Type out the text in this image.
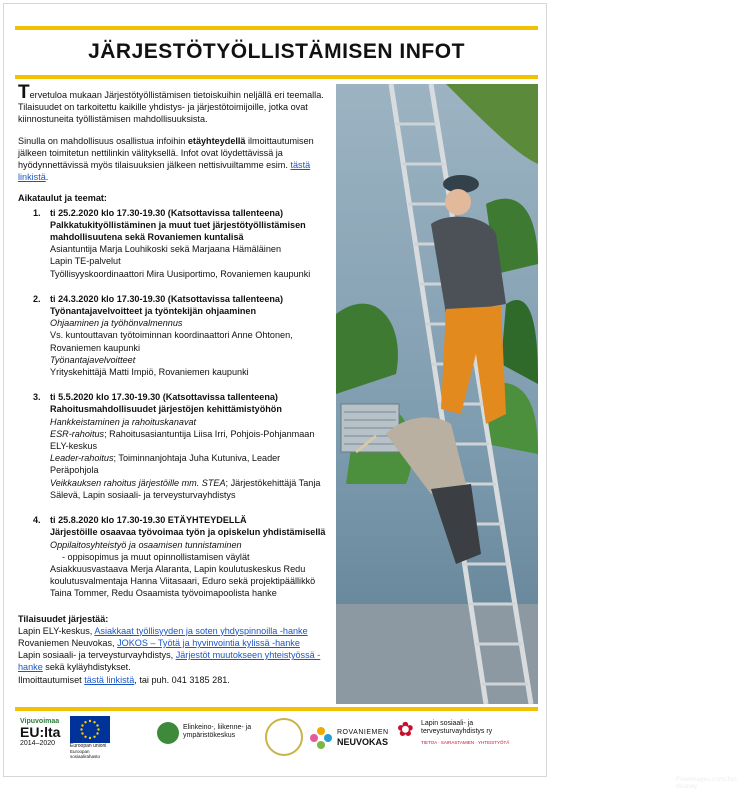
JÄRJESTÖTYÖLLISTÄMISEN INFOT

Tervetuloa mukaan Järjestötyöllistämisen tietoiskuihin neljällä eri teemalla. Tilaisuudet on tarkoitettu kaikille yhdistys- ja järjestötoimijoille, jotka ovat kiinnostuneita työllistämisen mahdollisuuksista.

Sinulla on mahdollisuus osallistua infoihin etäyhteydellä ilmoittautumisen jälkeen toimitetun nettilinkin välityksellä. Infot ovat löydettävissä ja hyödynnettävissä myös tilaisuuksien jälkeen nettisivuiltamme esim. tästä linkistä.

Aikataulut ja teemat:
1. ti 25.2.2020 klo 17.30-19.30 (Katsottavissa tallenteena)
Palkkatukityöllistäminen ja muut tuet järjestötyöllistämisen mahdollisuutena sekä Rovaniemen kuntalisä
Asiantuntija Marja Louhikoski sekä Marjaana Hämäläinen
Lapin TE-palvelut
Työllisyyskoordinaattori Mira Uusiportimo, Rovaniemen kaupunki
2. ti 24.3.2020 klo 17.30-19.30 (Katsottavissa tallenteena)
Työnantajavelvoitteet ja työntekijän ohjaaminen
Ohjaaminen ja työhönvalmennus
Vs. kuntouttavan työtoiminnan koordinaattori Anne Ohtonen, Rovaniemen kaupunki
Työnantajavelvoitteet
Yrityskehittäjä Matti Impiö, Rovaniemen kaupunki
3. ti 5.5.2020 klo 17.30-19.30 (Katsottavissa tallenteena)
Rahoitusmahdollisuudet järjestöjen kehittämistyöhön
Hankkeistaminen ja rahoituskanavat
ESR-rahoitus; Rahoitusasiantuntija Liisa Irri, Pohjois-Pohjanmaan ELY-keskus
Leader-rahoitus; Toiminnanjohtaja Juha Kutuniva, Leader Peräpohjola
Veikkauksen rahoitus järjestöille mm. STEA; Järjestökehittäjä Tanja Sälevä, Lapin sosiaali- ja terveysturvayhdistys
4. ti 25.8.2020 klo 17.30-19.30 ETÄYHTEYDELLÄ
Järjestöille osaavaa työvoimaa työn ja opiskelun yhdistämisellä
Oppilaitosyhteistyö ja osaamisen tunnistaminen
- oppisopimus ja muut opinnollistamisen väylät
Asiakkuusvastaava Merja Alaranta, Lapin koulutuskeskus Redu koulutusvalmentaja Hanna Viitasaari, Eduro sekä projektipäällikkö Taina Tommer, Redu Osaamista työvoimapoolista hanke
Tilaisuudet järjestää:
Lapin ELY-keskus, Asiakkaat työllisyyden ja soten yhdyspinnoilla -hanke
Rovaniemen Neuvokas, JOKOS – Työtä ja hyvinvointia kylissä -hanke
Lapin sosiaali- ja terveysturvayhdistys, Järjestöt muutokseen yhteistyössä - hanke sekä kyläyhdistykset.
Ilmoittautumiset tästä linkistä, tai puh. 041 3185 281.
Freelmages.com/Jon Wisbey
Vipuvoimaa
EU:lta
2014–2020	Euroopan unioni
Euroopan sosiaalirahasto
Elinkeino-, liikenne- ja ympäristökeskus	ROVANIEMEN
NEUVOKAS
✿	Lapin sosiaali- ja terveysturvayhdistys ry
TIETOA · SAIRASTAMIEN · YHTEISTYÖTÄ
